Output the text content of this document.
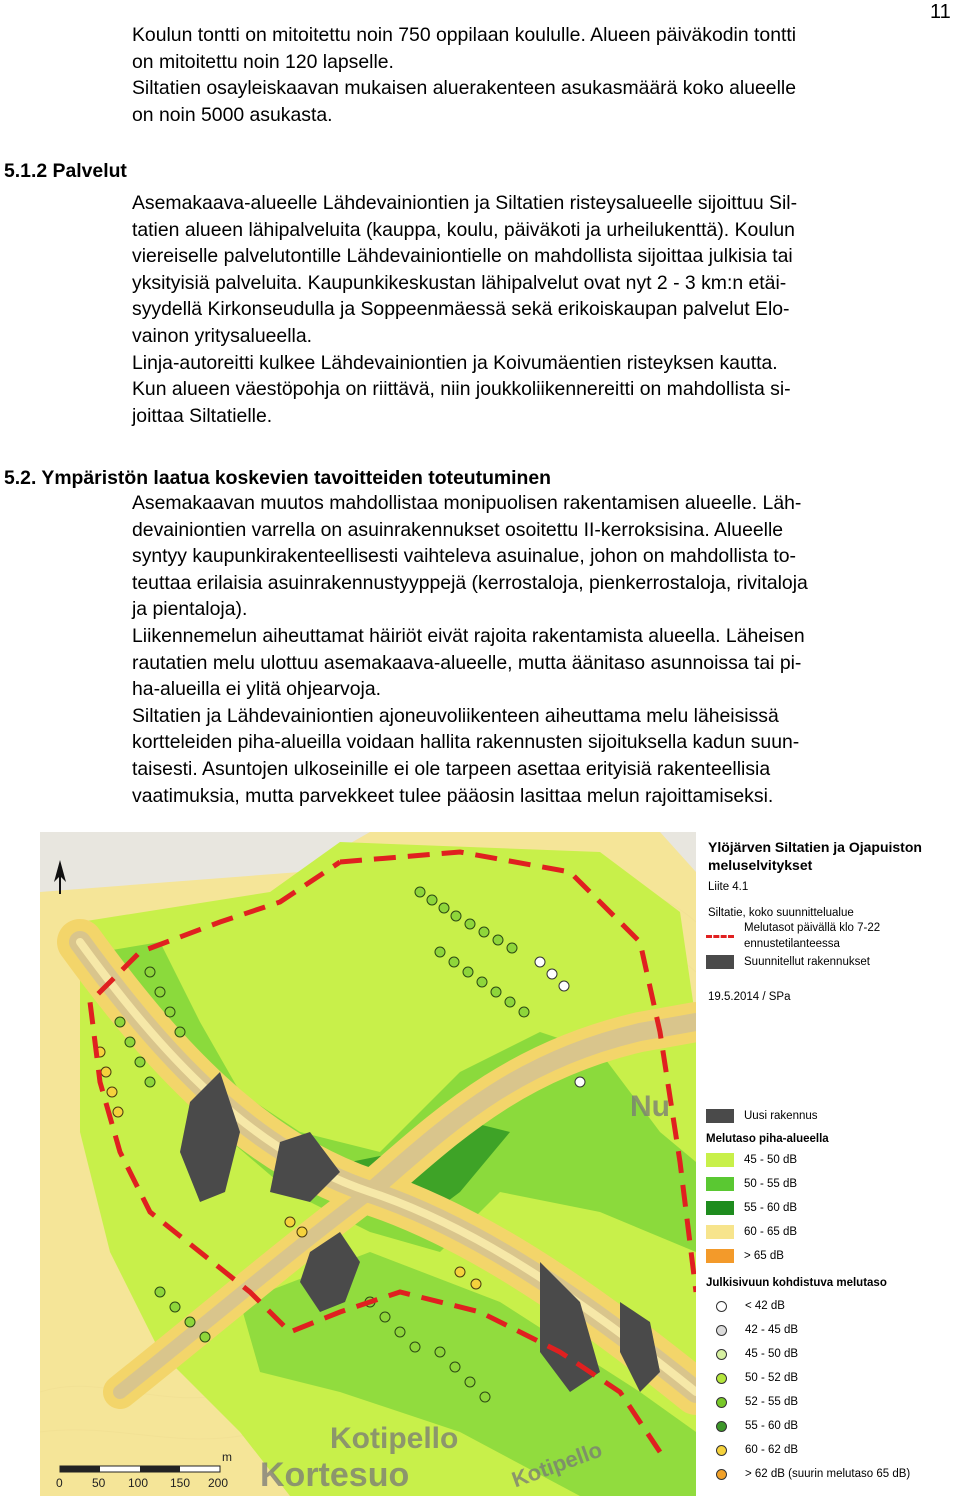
11
Koulun tontti on mitoitettu noin 750 oppilaan koululle. Alueen päiväkodin tontti
on mitoitettu noin 120 lapselle.
Siltatien osayleiskaavan mukaisen aluerakenteen asukasmäärä koko alueelle
on noin 5000 asukasta.
5.1.2 Palvelut
Asemakaava-alueelle Lähdevainiontien ja Siltatien risteysalueelle sijoittuu Sil-
tatien alueen lähipalveluita (kauppa, koulu, päiväkoti ja urheilukenttä). Koulun
viereiselle palvelutontille Lähdevainiontielle on mahdollista sijoittaa julkisia tai
yksityisiä palveluita. Kaupunkikeskustan lähipalvelut ovat nyt 2 - 3 km:n etäi-
syydellä Kirkonseudulla ja Soppeenmäessä sekä erikoiskaupan palvelut Elo-
vainon yritysalueella.
Linja-autoreitti kulkee Lähdevainiontien ja Koivumäentien risteyksen kautta.
Kun alueen väestöpohja on riittävä, niin joukkoliikennereitti on mahdollista si-
joittaa Siltatielle.
5.2. Ympäristön laatua koskevien tavoitteiden toteutuminen
Asemakaavan muutos mahdollistaa monipuolisen rakentamisen alueelle. Läh-
devainiontien varrella on asuinrakennukset osoitettu II-kerroksisina. Alueelle
syntyy kaupunkirakenteellisesti vaihteleva asuinalue, johon on mahdollista to-
teuttaa erilaisia asuinrakennustyyppejä (kerrostaloja, pienkerrostaloja, rivitaloja
ja pientaloja).
Liikennemelun aiheuttamat häiriöt eivät rajoita rakentamista alueella. Läheisen
rautatien melu ulottuu asemakaava-alueelle, mutta äänitaso asunnoissa tai pi-
ha-alueilla ei ylitä ohjearvoja.
Siltatien ja Lähdevainiontien ajoneuvoliikenteen aiheuttama melu läheisissä
kortteleiden piha-alueilla voidaan hallita rakennusten sijoituksella kadun suun-
taisesti. Asuntojen ulkoseinille ei ole tarpeen asettaa erityisiä rakenteellisia
vaatimuksia, mutta parvekkeet tulee pääosin lasittaa melun rajoittamiseksi.
Nu
Kotipello
Kortesuo	Kotipello
m
0 50 100 150 200
Ylöjärven Siltatien ja Ojapuiston meluselvitykset
Liite 4.1
Siltatie, koko suunnittelualue
Melutasot päivällä klo 7-22 ennustetilanteessa
Suunnitellut rakennukset
19.5.2014 / SPa
Uusi rakennus
Melutaso piha-alueella
45 - 50 dB
50 - 55 dB
55 - 60 dB
60 - 65 dB
> 65 dB
Julkisivuun kohdistuva melutaso
< 42 dB
42 - 45 dB
45 - 50 dB
50 - 52 dB
52 - 55 dB
55 - 60 dB
60 - 62 dB
> 62 dB (suurin melutaso 65 dB)
